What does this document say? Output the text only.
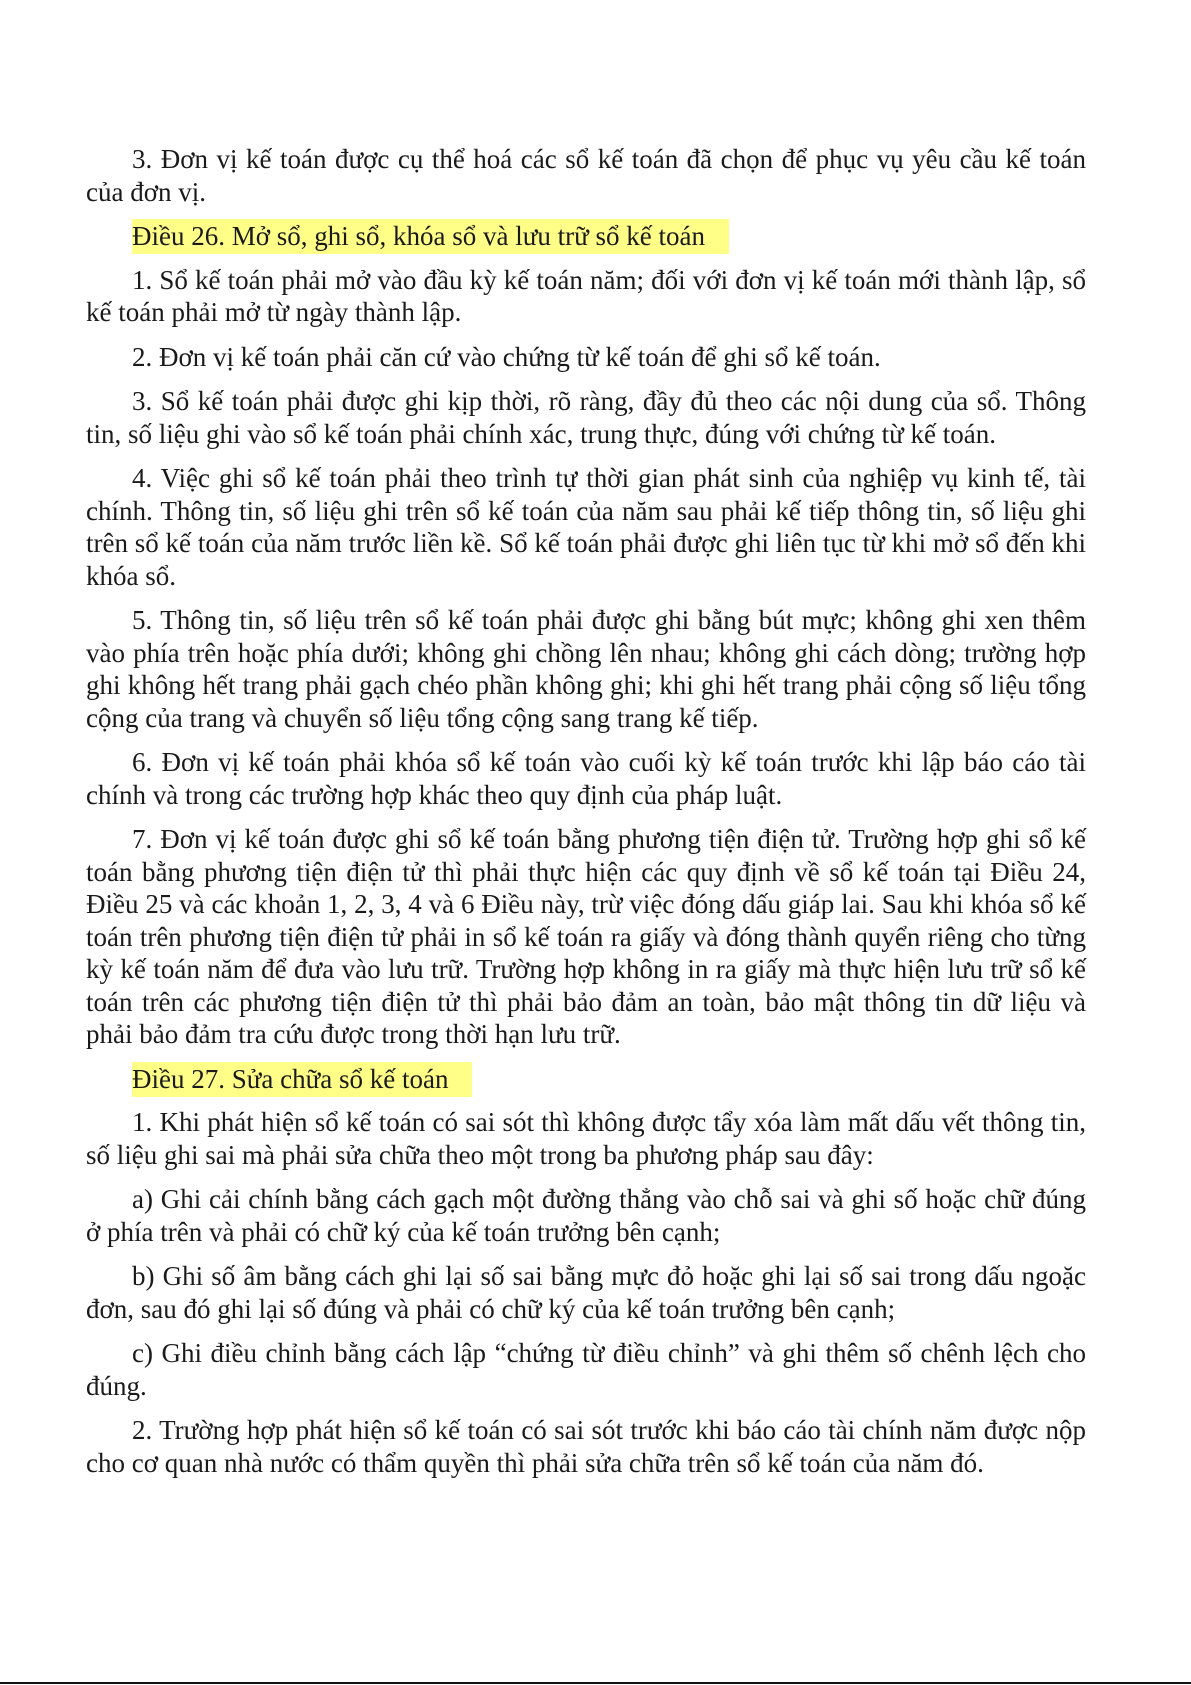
3. Đơn vị kế toán được cụ thể hoá các sổ kế toán đã chọn để phục vụ yêu cầu kế toán của đơn vị.

Điều 26. Mở sổ, ghi sổ, khóa sổ và lưu trữ sổ kế toán

1. Sổ kế toán phải mở vào đầu kỳ kế toán năm; đối với đơn vị kế toán mới thành lập, sổ kế toán phải mở từ ngày thành lập.

2. Đơn vị kế toán phải căn cứ vào chứng từ kế toán để ghi sổ kế toán.

3. Sổ kế toán phải được ghi kịp thời, rõ ràng, đầy đủ theo các nội dung của sổ. Thông tin, số liệu ghi vào sổ kế toán phải chính xác, trung thực, đúng với chứng từ kế toán.

4. Việc ghi sổ kế toán phải theo trình tự thời gian phát sinh của nghiệp vụ kinh tế, tài chính. Thông tin, số liệu ghi trên sổ kế toán của năm sau phải kế tiếp thông tin, số liệu ghi trên sổ kế toán của năm trước liền kề. Sổ kế toán phải được ghi liên tục từ khi mở sổ đến khi khóa sổ.

5. Thông tin, số liệu trên sổ kế toán phải được ghi bằng bút mực; không ghi xen thêm vào phía trên hoặc phía dưới; không ghi chồng lên nhau; không ghi cách dòng; trường hợp ghi không hết trang phải gạch chéo phần không ghi; khi ghi hết trang phải cộng số liệu tổng cộng của trang và chuyển số liệu tổng cộng sang trang kế tiếp.

6. Đơn vị kế toán phải khóa sổ kế toán vào cuối kỳ kế toán trước khi lập báo cáo tài chính và trong các trường hợp khác theo quy định của pháp luật.

7. Đơn vị kế toán được ghi sổ kế toán bằng phương tiện điện tử. Trường hợp ghi sổ kế toán bằng phương tiện điện tử thì phải thực hiện các quy định về sổ kế toán tại Điều 24, Điều 25 và các khoản 1, 2, 3, 4 và 6 Điều này, trừ việc đóng dấu giáp lai. Sau khi khóa sổ kế toán trên phương tiện điện tử phải in sổ kế toán ra giấy và đóng thành quyển riêng cho từng kỳ kế toán năm để đưa vào lưu trữ. Trường hợp không in ra giấy mà thực hiện lưu trữ sổ kế toán trên các phương tiện điện tử thì phải bảo đảm an toàn, bảo mật thông tin dữ liệu và phải bảo đảm tra cứu được trong thời hạn lưu trữ.

Điều 27. Sửa chữa sổ kế toán

1. Khi phát hiện sổ kế toán có sai sót thì không được tẩy xóa làm mất dấu vết thông tin, số liệu ghi sai mà phải sửa chữa theo một trong ba phương pháp sau đây:

a) Ghi cải chính bằng cách gạch một đường thẳng vào chỗ sai và ghi số hoặc chữ đúng ở phía trên và phải có chữ ký của kế toán trưởng bên cạnh;

b) Ghi số âm bằng cách ghi lại số sai bằng mực đỏ hoặc ghi lại số sai trong dấu ngoặc đơn, sau đó ghi lại số đúng và phải có chữ ký của kế toán trưởng bên cạnh;

c) Ghi điều chỉnh bằng cách lập “chứng từ điều chỉnh” và ghi thêm số chênh lệch cho đúng.

2. Trường hợp phát hiện sổ kế toán có sai sót trước khi báo cáo tài chính năm được nộp cho cơ quan nhà nước có thẩm quyền thì phải sửa chữa trên sổ kế toán của năm đó.
